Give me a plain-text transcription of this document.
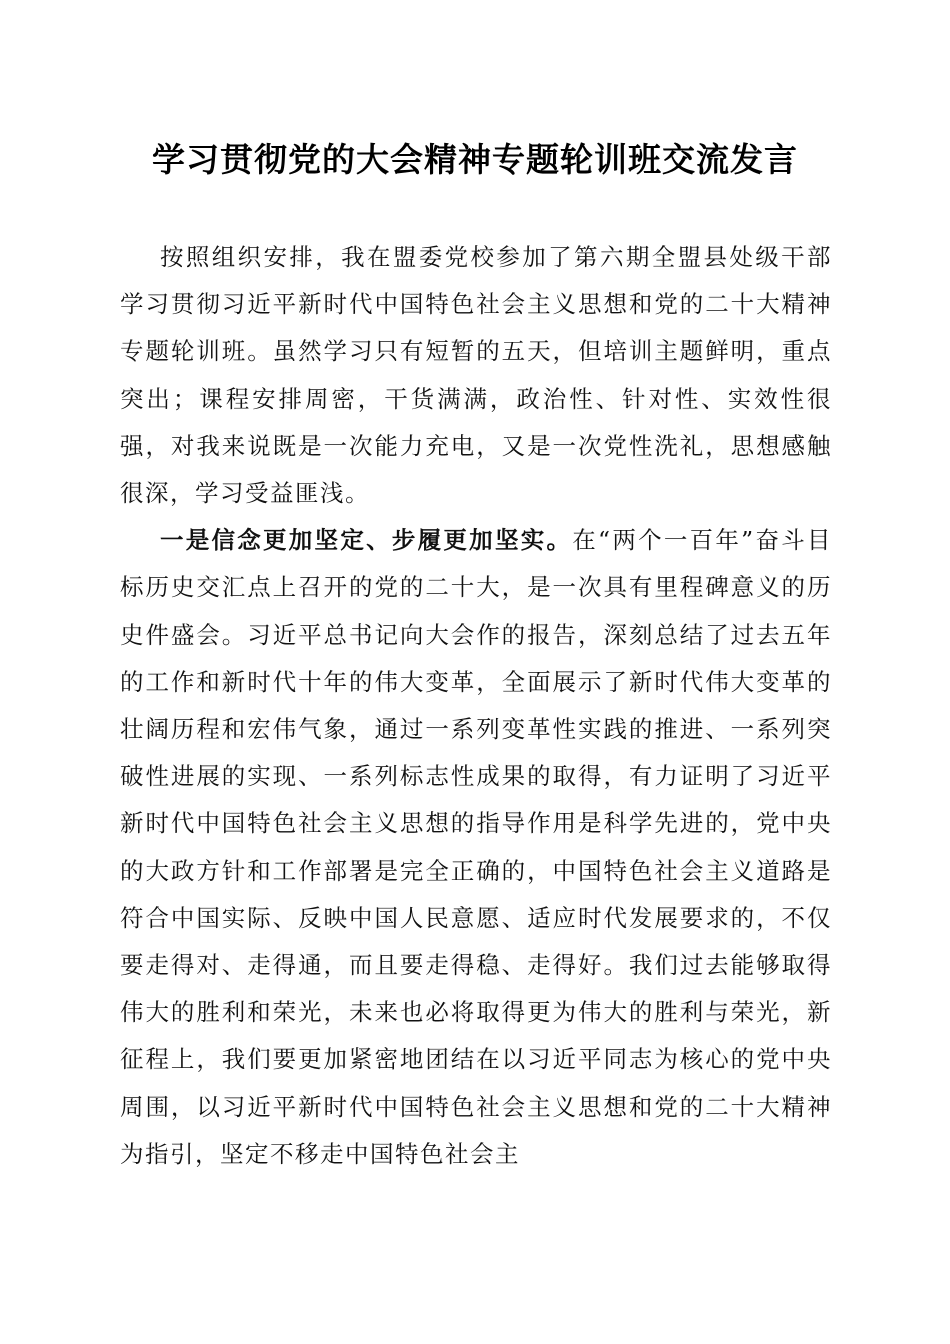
学习贯彻党的大会精神专题轮训班交流发言

按照组织安排，我在盟委党校参加了第六期全盟县处级干部学习贯彻习近平新时代中国特色社会主义思想和党的二十大精神专题轮训班。虽然学习只有短暂的五天，但培训主题鲜明，重点突出；课程安排周密，干货满满，政治性、针对性、实效性很强，对我来说既是一次能力充电，又是一次党性洗礼，思想感触很深，学习受益匪浅。

一是信念更加坚定、步履更加坚实。在“两个一百年”奋斗目标历史交汇点上召开的党的二十大，是一次具有里程碑意义的历史件盛会。习近平总书记向大会作的报告，深刻总结了过去五年的工作和新时代十年的伟大变革，全面展示了新时代伟大变革的壮阔历程和宏伟气象，通过一系列变革性实践的推进、一系列突破性进展的实现、一系列标志性成果的取得，有力证明了习近平新时代中国特色社会主义思想的指导作用是科学先进的，党中央的大政方针和工作部署是完全正确的，中国特色社会主义道路是符合中国实际、反映中国人民意愿、适应时代发展要求的，不仅要走得对、走得通，而且要走得稳、走得好。我们过去能够取得伟大的胜利和荣光，未来也必将取得更为伟大的胜利与荣光，新征程上，我们要更加紧密地团结在以习近平同志为核心的党中央周围，以习近平新时代中国特色社会主义思想和党的二十大精神为指引，坚定不移走中国特色社会主
